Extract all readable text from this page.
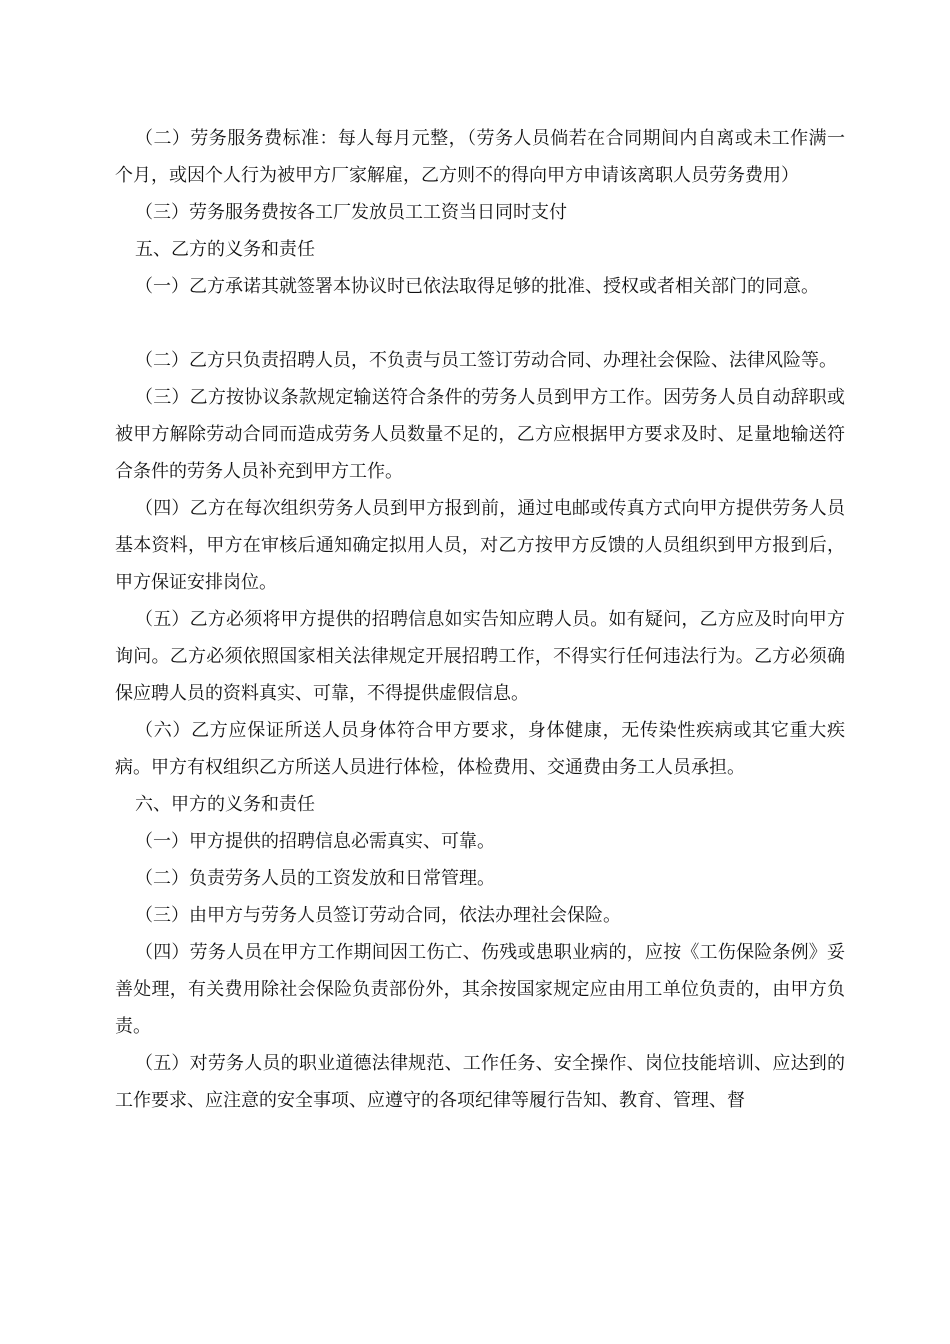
（二）劳务服务费标准：每人每月元整，（劳务人员倘若在合同期间内自离或未工作满一个月，或因个人行为被甲方厂家解雇，乙方则不的得向甲方申请该离职人员劳务费用）

（三）劳务服务费按各工厂发放员工工资当日同时支付

五、乙方的义务和责任

（一）乙方承诺其就签署本协议时已依法取得足够的批准、授权或者相关部门的同意。

（二）乙方只负责招聘人员，不负责与员工签订劳动合同、办理社会保险、法律风险等。

（三）乙方按协议条款规定输送符合条件的劳务人员到甲方工作。因劳务人员自动辞职或被甲方解除劳动合同而造成劳务人员数量不足的，乙方应根据甲方要求及时、足量地输送符合条件的劳务人员补充到甲方工作。

（四）乙方在每次组织劳务人员到甲方报到前，通过电邮或传真方式向甲方提供劳务人员基本资料，甲方在审核后通知确定拟用人员，对乙方按甲方反馈的人员组织到甲方报到后，甲方保证安排岗位。

（五）乙方必须将甲方提供的招聘信息如实告知应聘人员。如有疑问，乙方应及时向甲方询问。乙方必须依照国家相关法律规定开展招聘工作，不得实行任何违法行为。乙方必须确保应聘人员的资料真实、可靠，不得提供虚假信息。

（六）乙方应保证所送人员身体符合甲方要求，身体健康，无传染性疾病或其它重大疾病。甲方有权组织乙方所送人员进行体检，体检费用、交通费由务工人员承担。

六、甲方的义务和责任

（一）甲方提供的招聘信息必需真实、可靠。

（二）负责劳务人员的工资发放和日常管理。

（三）由甲方与劳务人员签订劳动合同，依法办理社会保险。

（四）劳务人员在甲方工作期间因工伤亡、伤残或患职业病的，应按《工伤保险条例》妥善处理，有关费用除社会保险负责部份外，其余按国家规定应由用工单位负责的，由甲方负责。

（五）对劳务人员的职业道德法律规范、工作任务、安全操作、岗位技能培训、应达到的工作要求、应注意的安全事项、应遵守的各项纪律等履行告知、教育、管理、督
